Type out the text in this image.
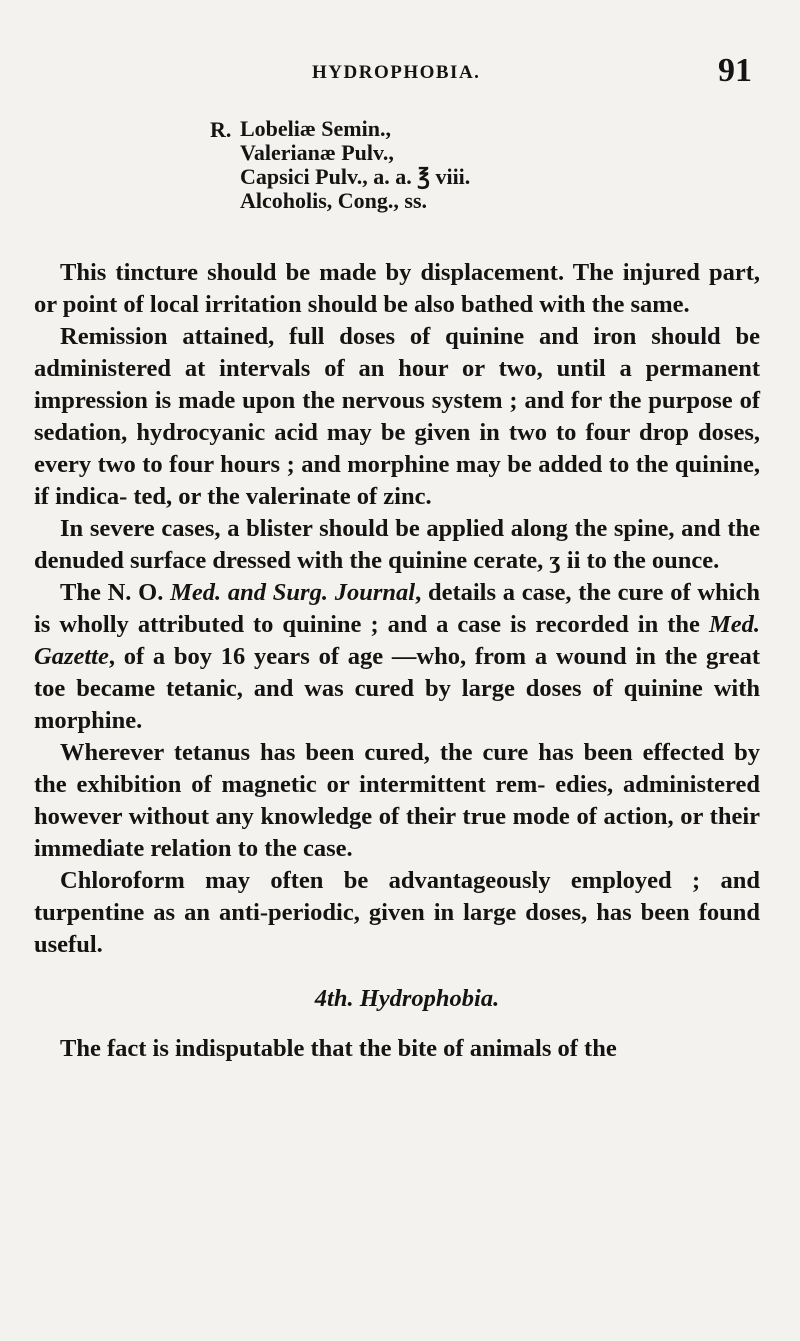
HYDROPHOBIA.	91
R. Lobeliæ Semin.,
Valerianæ Pulv.,
Capsici Pulv., a. a. ℥ viii.
Alcoholis, Cong., ss.

This tincture should be made by displacement. The injured part, or point of local irritation should be also bathed with the same.

Remission attained, full doses of quinine and iron should be administered at intervals of an hour or two, until a permanent impression is made upon the nervous system ; and for the purpose of sedation, hydrocyanic acid may be given in two to four drop doses, every two to four hours ; and morphine may be added to the quinine, if indica- ted, or the valerinate of zinc.

In severe cases, a blister should be applied along the spine, and the denuded surface dressed with the quinine cerate, ʒ ii to the ounce.

The N. O. Med. and Surg. Journal, details a case, the cure of which is wholly attributed to quinine ; and a case is recorded in the Med. Gazette, of a boy 16 years of age —who, from a wound in the great toe became tetanic, and was cured by large doses of quinine with morphine.

Wherever tetanus has been cured, the cure has been effected by the exhibition of magnetic or intermittent rem- edies, administered however without any knowledge of their true mode of action, or their immediate relation to the case.

Chloroform may often be advantageously employed ; and turpentine as an anti-periodic, given in large doses, has been found useful.

4th. Hydrophobia.

The fact is indisputable that the bite of animals of the
